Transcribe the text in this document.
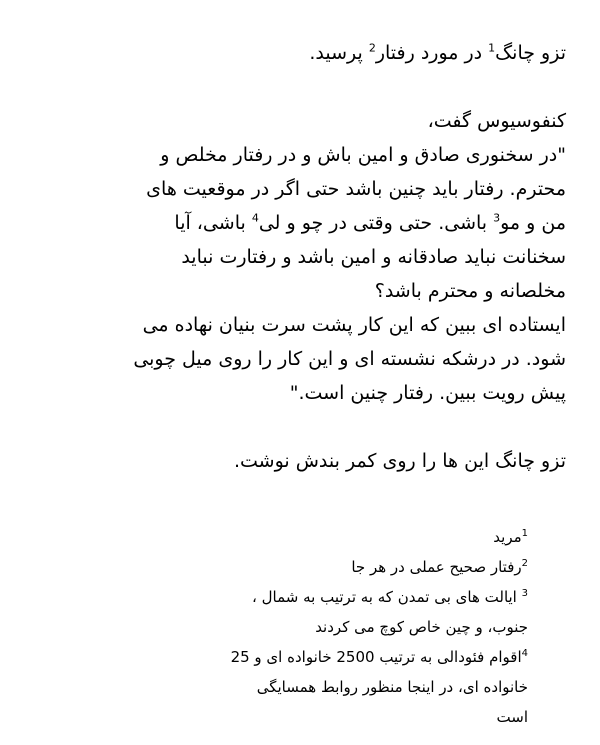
تزو چانگ$^1$ در مورد رفتار$^2$ پرسید.

کنفوسیوس گفت،

"در سخنوری صادق و امین باش و در رفتار مخلص و

محترم. رفتار باید چنین باشد حتی اگر در موقعیت های

من و مو$^3$ باشی. حتی وقتی در چو و لی$^4$ باشی، آیا

سخنانت نباید صادقانه و امین باشد و رفتارت نباید

مخلصانه و محترم باشد؟

ایستاده ای ببین که این کار پشت سرت بنیان نهاده می

شود. در درشکه نشسته ای و این کار را روی میل چوبی

پیش رویت ببین. رفتار چنین است."

تزو چانگ این ها را روی کمر بندش نوشت.

$^1$مرید

$^2$رفتار صحیح عملی در هر جا

$^3$ ایالت های بی تمدن که به ترتیب به شمال ،

جنوب، و چین خاص کوچ می کردند

$^4$اقوام فئودالی به ترتیب 2500 خانواده ای و 25

خانواده ای، در اینجا منظور روابط همسایگی

است
